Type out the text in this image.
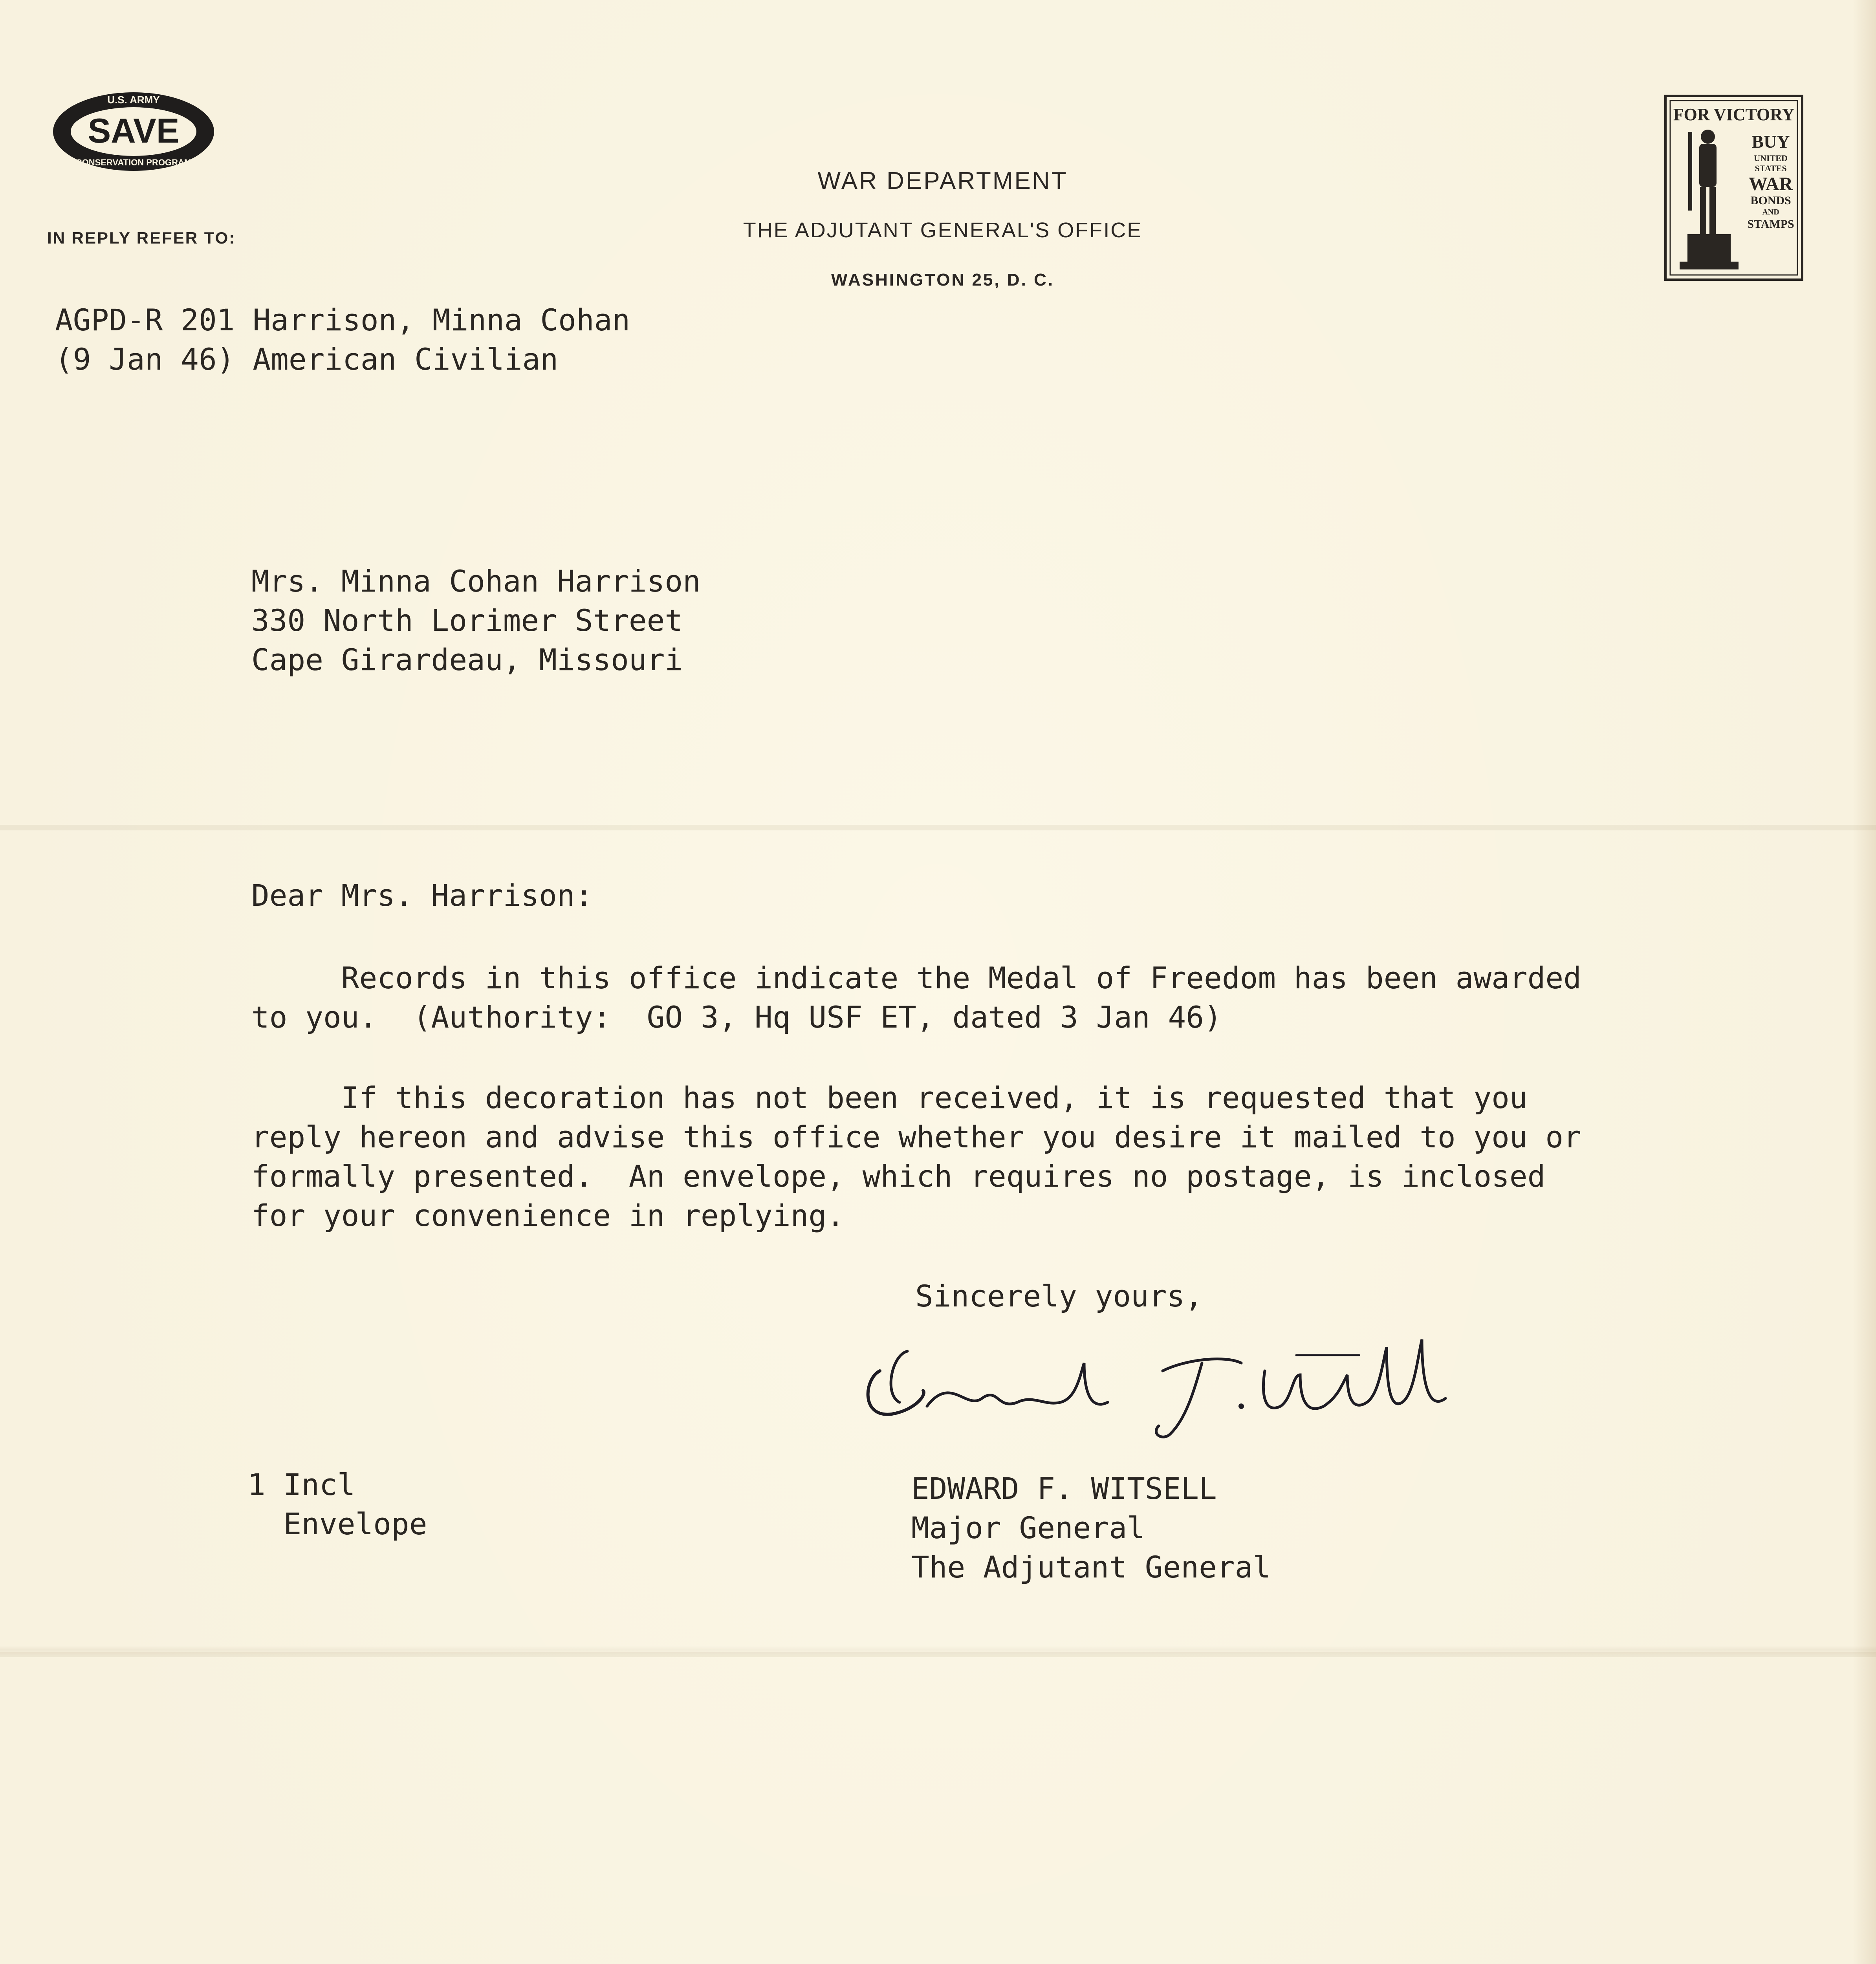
SAVE
U.S. ARMY
CONSERVATION PROGRAM
WAR DEPARTMENT
THE ADJUTANT GENERAL'S OFFICE
WASHINGTON 25, D. C.
IN REPLY REFER TO:
FOR VICTORY
BUY
UNITED
STATES
WAR
BONDS
AND
STAMPS
AGPD-R 201 Harrison, Minna Cohan
(9 Jan 46) American Civilian
Mrs. Minna Cohan Harrison
330 North Lorimer Street
Cape Girardeau, Missouri
Dear Mrs. Harrison:
Records in this office indicate the Medal of Freedom has been awarded
to you.  (Authority:  GO 3, Hq USF ET, dated 3 Jan 46)
If this decoration has not been received, it is requested that you
reply hereon and advise this office whether you desire it mailed to you or
formally presented.  An envelope, which requires no postage, is inclosed
for your convenience in replying.
Sincerely yours,
EDWARD F. WITSELL
Major General
The Adjutant General
1 Incl
Envelope
